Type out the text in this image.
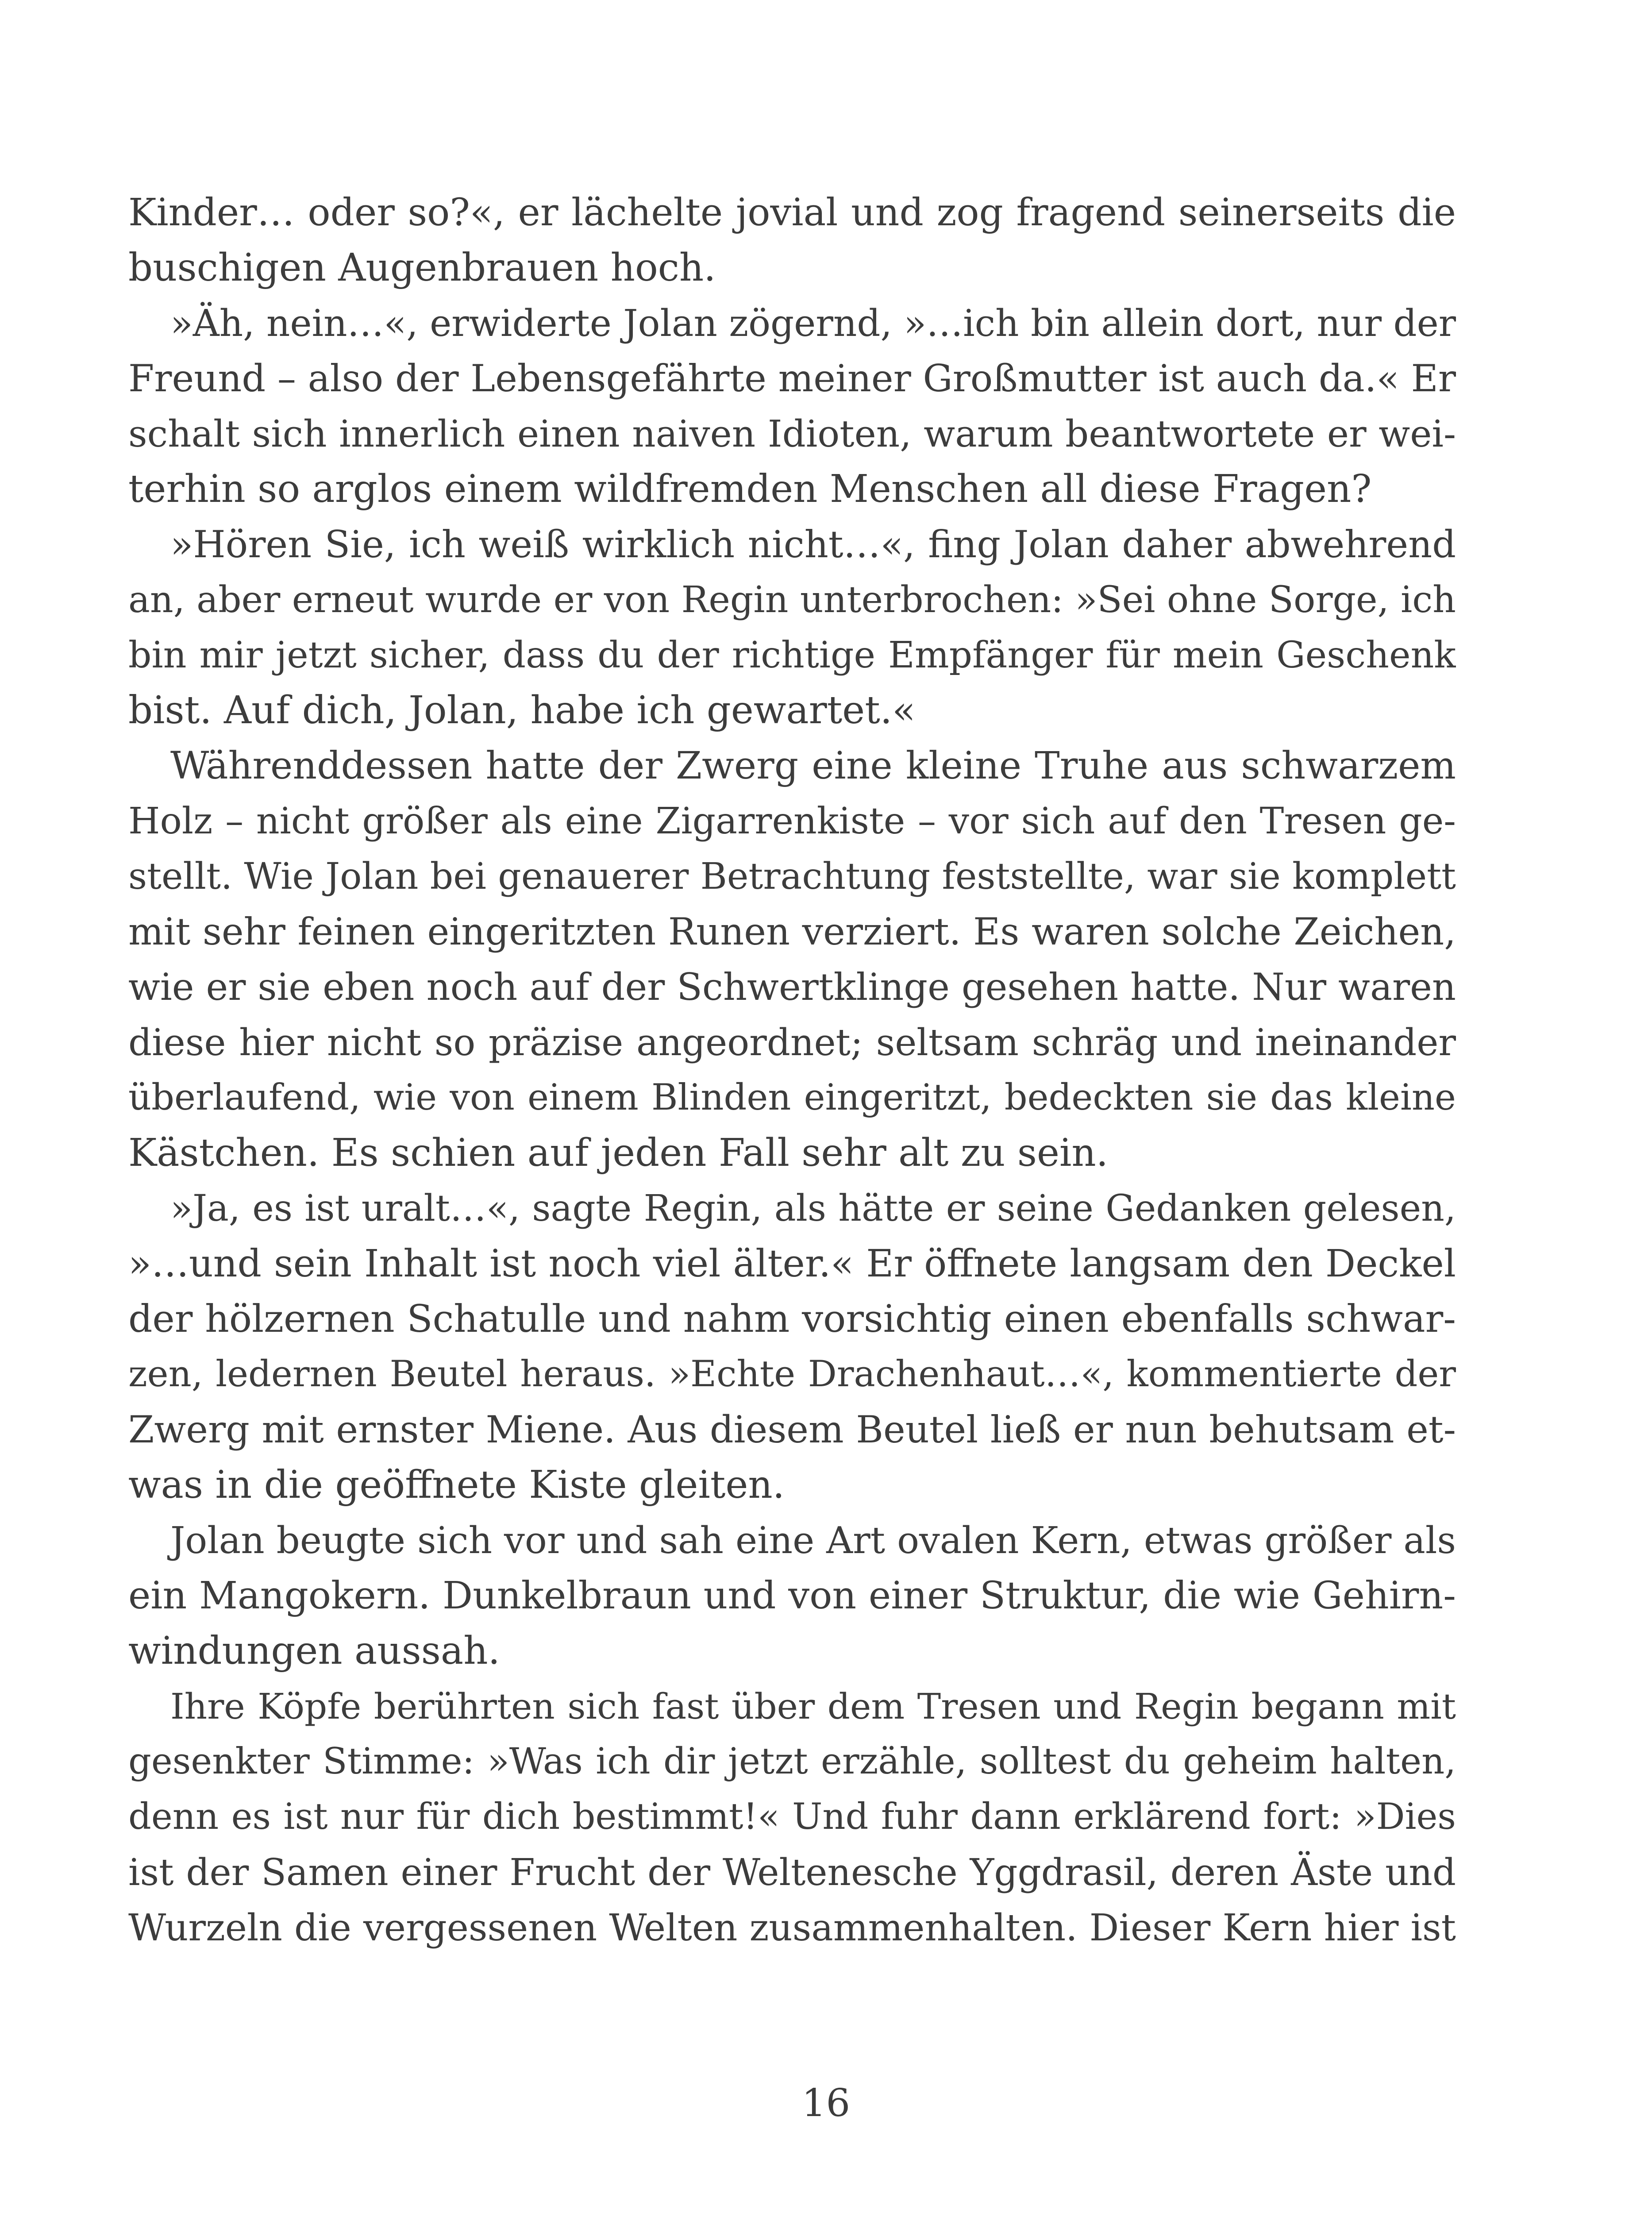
Kinder… oder so?«, er lächelte jovial und zog fragend seinerseits die
buschigen Augenbrauen hoch.
»Äh, nein…«, erwiderte Jolan zögernd, »…ich bin allein dort, nur der
Freund – also der Lebensgefährte meiner Großmutter ist auch da.« Er
schalt sich innerlich einen naiven Idioten, warum beantwortete er wei-
terhin so arglos einem wildfremden Menschen all diese Fragen?
»Hören Sie, ich weiß wirklich nicht…«, fing Jolan daher abwehrend
an, aber erneut wurde er von Regin unterbrochen: »Sei ohne Sorge, ich
bin mir jetzt sicher, dass du der richtige Empfänger für mein Geschenk
bist. Auf dich, Jolan, habe ich gewartet.«
Währenddessen hatte der Zwerg eine kleine Truhe aus schwarzem
Holz – nicht größer als eine Zigarrenkiste – vor sich auf den Tresen ge-
stellt. Wie Jolan bei genauerer Betrachtung feststellte, war sie komplett
mit sehr feinen eingeritzten Runen verziert. Es waren solche Zeichen,
wie er sie eben noch auf der Schwertklinge gesehen hatte. Nur waren
diese hier nicht so präzise angeordnet; seltsam schräg und ineinander
überlaufend, wie von einem Blinden eingeritzt, bedeckten sie das kleine
Kästchen. Es schien auf jeden Fall sehr alt zu sein.
»Ja, es ist uralt…«, sagte Regin, als hätte er seine Gedanken gelesen,
»…und sein Inhalt ist noch viel älter.« Er öffnete langsam den Deckel
der hölzernen Schatulle und nahm vorsichtig einen ebenfalls schwar-
zen, ledernen Beutel heraus. »Echte Drachenhaut…«, kommentierte der
Zwerg mit ernster Miene. Aus diesem Beutel ließ er nun behutsam et-
was in die geöffnete Kiste gleiten.
Jolan beugte sich vor und sah eine Art ovalen Kern, etwas größer als
ein Mangokern. Dunkelbraun und von einer Struktur, die wie Gehirn-
windungen aussah.
Ihre Köpfe berührten sich fast über dem Tresen und Regin begann mit
gesenkter Stimme: »Was ich dir jetzt erzähle, solltest du geheim halten,
denn es ist nur für dich bestimmt!« Und fuhr dann erklärend fort: »Dies
ist der Samen einer Frucht der Weltenesche Yggdrasil, deren Äste und
Wurzeln die vergessenen Welten zusammenhalten. Dieser Kern hier ist
16
